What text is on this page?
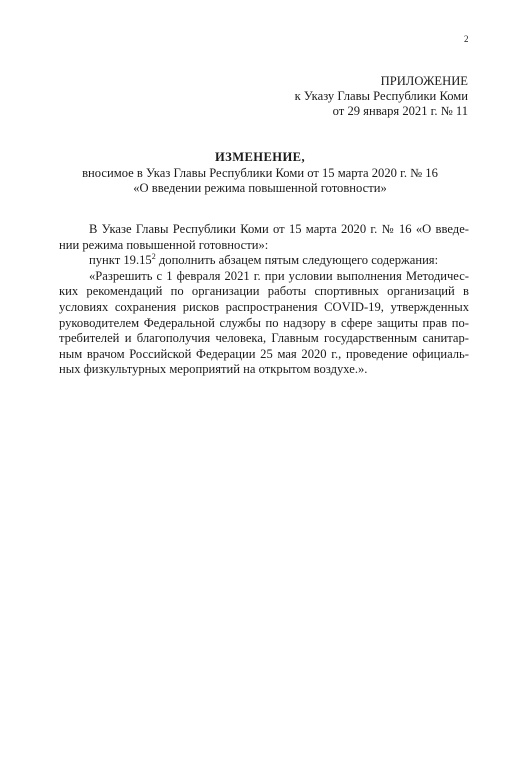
2
ПРИЛОЖЕНИЕ
к Указу Главы Республики Коми
от 29 января 2021 г. № 11
ИЗМЕНЕНИЕ,
вносимое в Указ Главы Республики Коми от 15 марта 2020 г. № 16
«О введении режима повышенной готовности»
В Указе Главы Республики Коми от 15 марта 2020 г. № 16 «О введе-
нии режима повышенной готовности»:
пункт 19.15$^2$ дополнить абзацем пятым следующего содержания:
«Разрешить с 1 февраля 2021 г. при условии выполнения Методичес-
ких рекомендаций по организации работы спортивных организаций в
условиях сохранения рисков распространения COVID-19, утвержденных
руководителем Федеральной службы по надзору в сфере защиты прав по-
требителей и благополучия человека, Главным государственным санитар-
ным врачом Российской Федерации 25 мая 2020 г., проведение официаль-
ных физкультурных мероприятий на открытом воздухе.».
